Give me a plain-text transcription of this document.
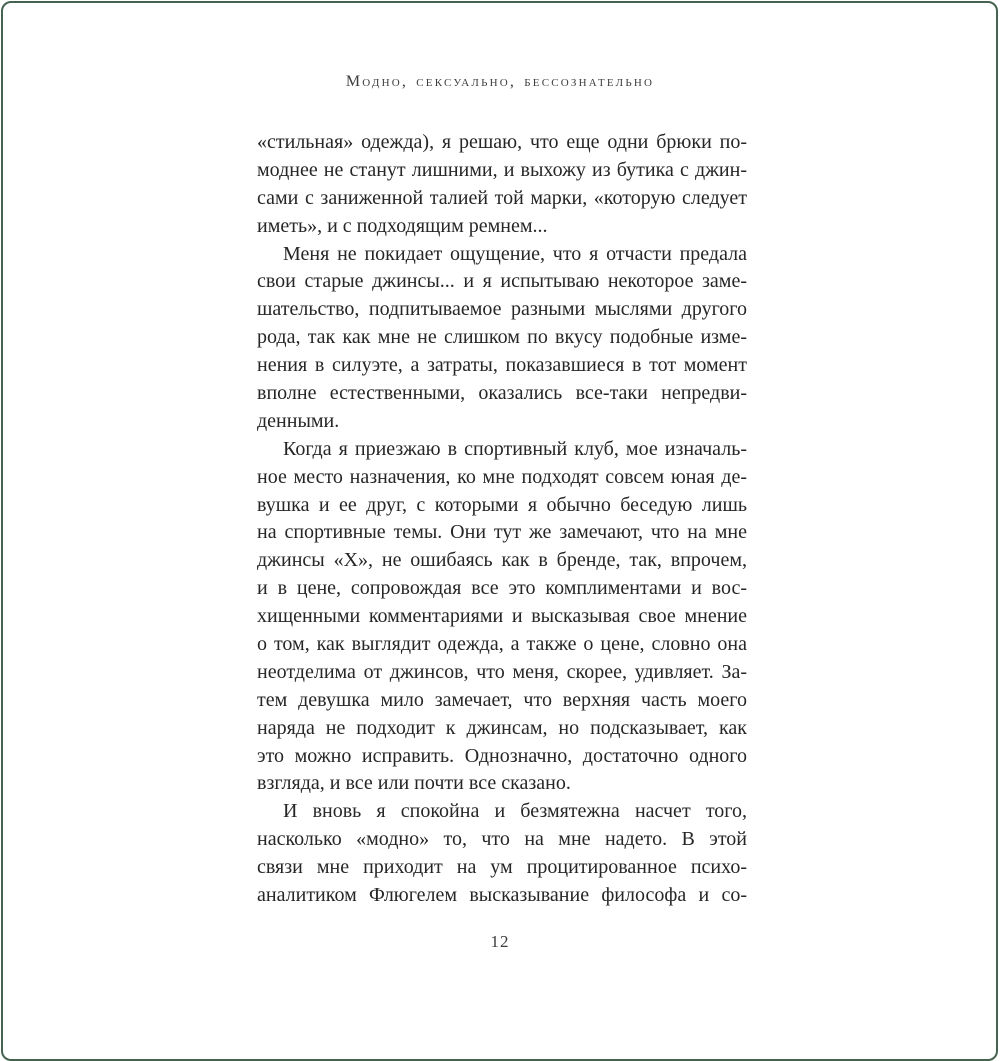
Модно, сексуально, бессознательно
«стильная» одежда), я решаю, что еще одни брюки по-
моднее не станут лишними, и выхожу из бутика с джин-
сами с заниженной талией той марки, «которую следует
иметь», и с подходящим ремнем...
Меня не покидает ощущение, что я отчасти предала
свои старые джинсы... и я испытываю некоторое заме-
шательство, подпитываемое разными мыслями другого
рода, так как мне не слишком по вкусу подобные изме-
нения в силуэте, а затраты, показавшиеся в тот момент
вполне естественными, оказались все-таки непредви-
денными.
Когда я приезжаю в спортивный клуб, мое изначаль-
ное место назначения, ко мне подходят совсем юная де-
вушка и ее друг, с которыми я обычно беседую лишь
на спортивные темы. Они тут же замечают, что на мне
джинсы «Х», не ошибаясь как в бренде, так, впрочем,
и в цене, сопровождая все это комплиментами и вос-
хищенными комментариями и высказывая свое мнение
о том, как выглядит одежда, а также о цене, словно она
неотделима от джинсов, что меня, скорее, удивляет. За-
тем девушка мило замечает, что верхняя часть моего
наряда не подходит к джинсам, но подсказывает, как
это можно исправить. Однозначно, достаточно одного
взгляда, и все или почти все сказано.
И вновь я спокойна и безмятежна насчет того,
насколько «модно» то, что на мне надето. В этой
связи мне приходит на ум процитированное психо-
аналитиком Флюгелем высказывание философа и со-
12
